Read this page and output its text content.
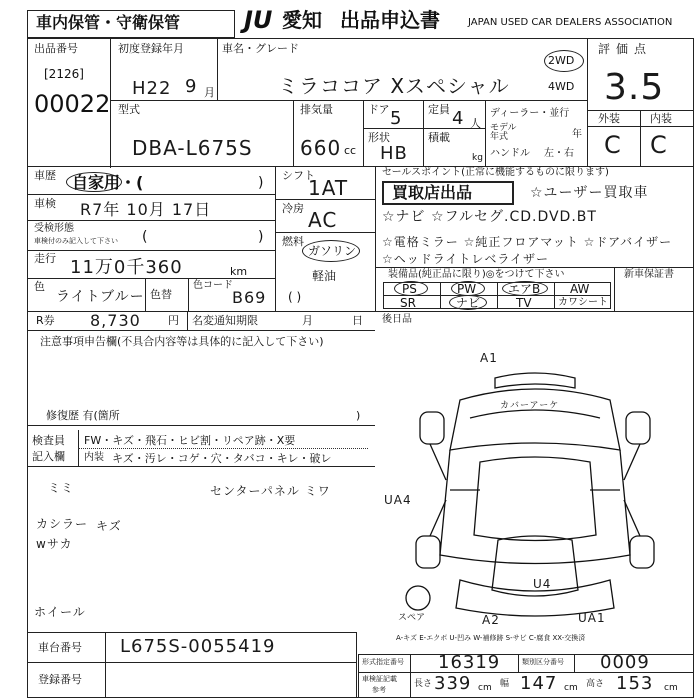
車内保管・守衛保管	JU 愛知 出品申込書	JAPAN USED CAR DEALERS ASSOCIATION
出品番号
[2126]
00022
初度登録年月
H22 9 月
車名・グレード
ミラココア Xスペシャル
2WD
4WD
評価点
3.5
外装	内装
C C
型式
DBA-L675S
排気量
660 cc
ドア 5 定員 4 人
形状
HB
積載
kg
ディーラー・並行
モデル年式	年
ハンドル 左・右
車歴 自家用・(	)
車検 R7年 10月 17日
受検形態
車検付のみ記入して下さい (	)
走行 11万0千360	km
色
ライトブルー 色替
色コード
B69
シフト
1AT
冷房 AC
燃料
ガソリン
軽油
( )
セールスポイント(正常に機能するものに限ります)
買取店出品	☆ユーザー買取車
☆ナビ ☆フルセグ.CD.DVD.BT
☆電格ミラー ☆純正フロアマット ☆ドアバイザー
☆ヘッドライトレベライザー
装備品(純正品に限り)◎をつけて下さい	新車保証書
PS	PW	エアB AW
SR	ナビ	TV	カワシート
R券 8,730 円 名変通知期限	月	日 後日品
注意事項申告欄(不具合内容等は具体的に記入して下さい)
修復歴 有(箇所	)
検査員
記入欄
FW・キズ・飛石・ヒビ割・リペア跡・X要
内装 キズ・汚レ・コゲ・穴・タバコ・キレ・破レ
ミミ	センターパネル ミワ
カシラー
wサカ
キズ
ホイール
A1
カバーアーケ
UA4
U4
A2	UA1
スペア
A-キズ E-エクボ U-凹み W-補修跡 S-サビ C-腐食 XX-交換済
車台番号 L675S-0055419
登録番号
形式指定番号 16319	類別区分番号 0009
車検証記載
参考
長さ 339 cm 幅 147 cm 高さ 153 cm
